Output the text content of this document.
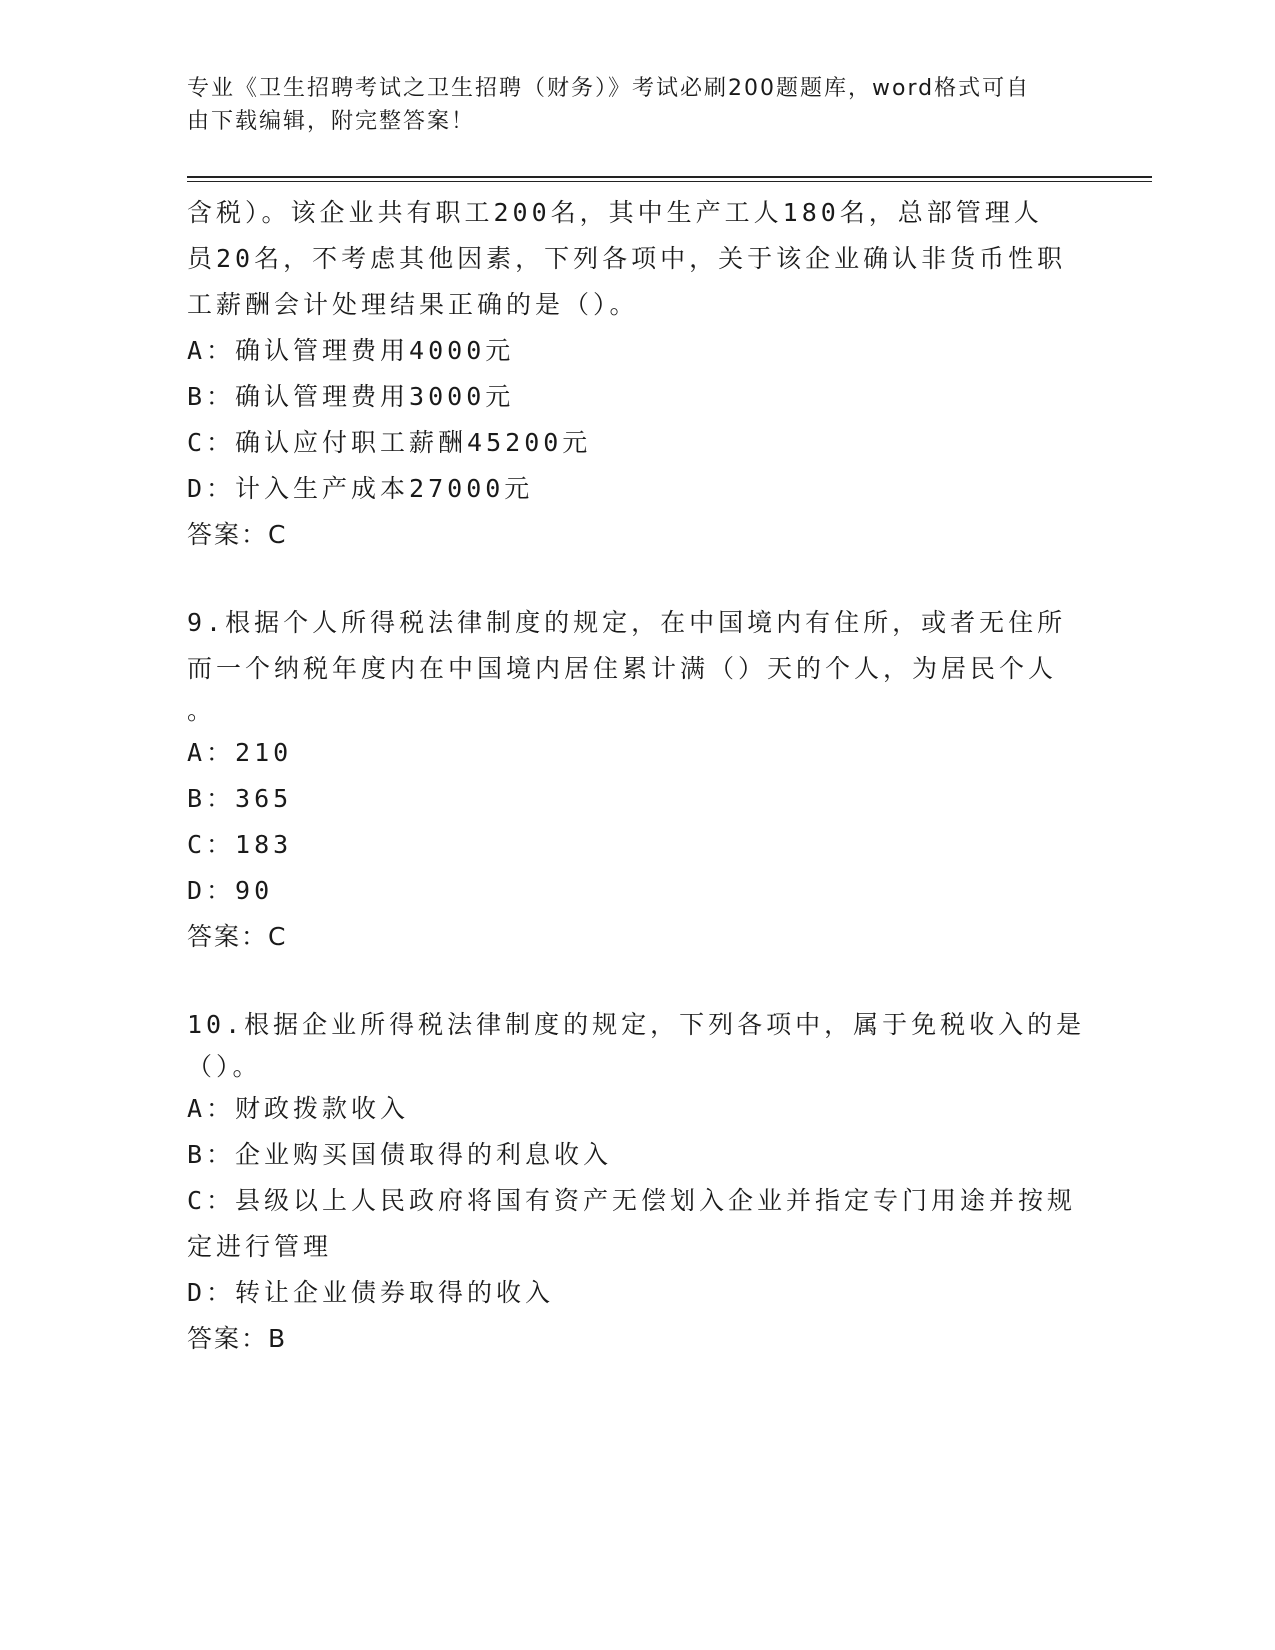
专业《卫生招聘考试之卫生招聘（财务）》考试必刷200题题库，word格式可自
由下载编辑，附完整答案！
含税）。该企业共有职工200名，其中生产工人180名，总部管理人
员20名，不考虑其他因素，下列各项中，关于该企业确认非货币性职
工薪酬会计处理结果正确的是（）。
A：确认管理费用4000元
B：确认管理费用3000元
C：确认应付职工薪酬45200元
D：计入生产成本27000元
答案：C
9.根据个人所得税法律制度的规定，在中国境内有住所，或者无住所
而一个纳税年度内在中国境内居住累计满（）天的个人，为居民个人
。
A：210
B：365
C：183
D：90
答案：C
10.根据企业所得税法律制度的规定，下列各项中，属于免税收入的是
（）。
A：财政拨款收入
B：企业购买国债取得的利息收入
C：县级以上人民政府将国有资产无偿划入企业并指定专门用途并按规
定进行管理
D：转让企业债券取得的收入
答案：B
